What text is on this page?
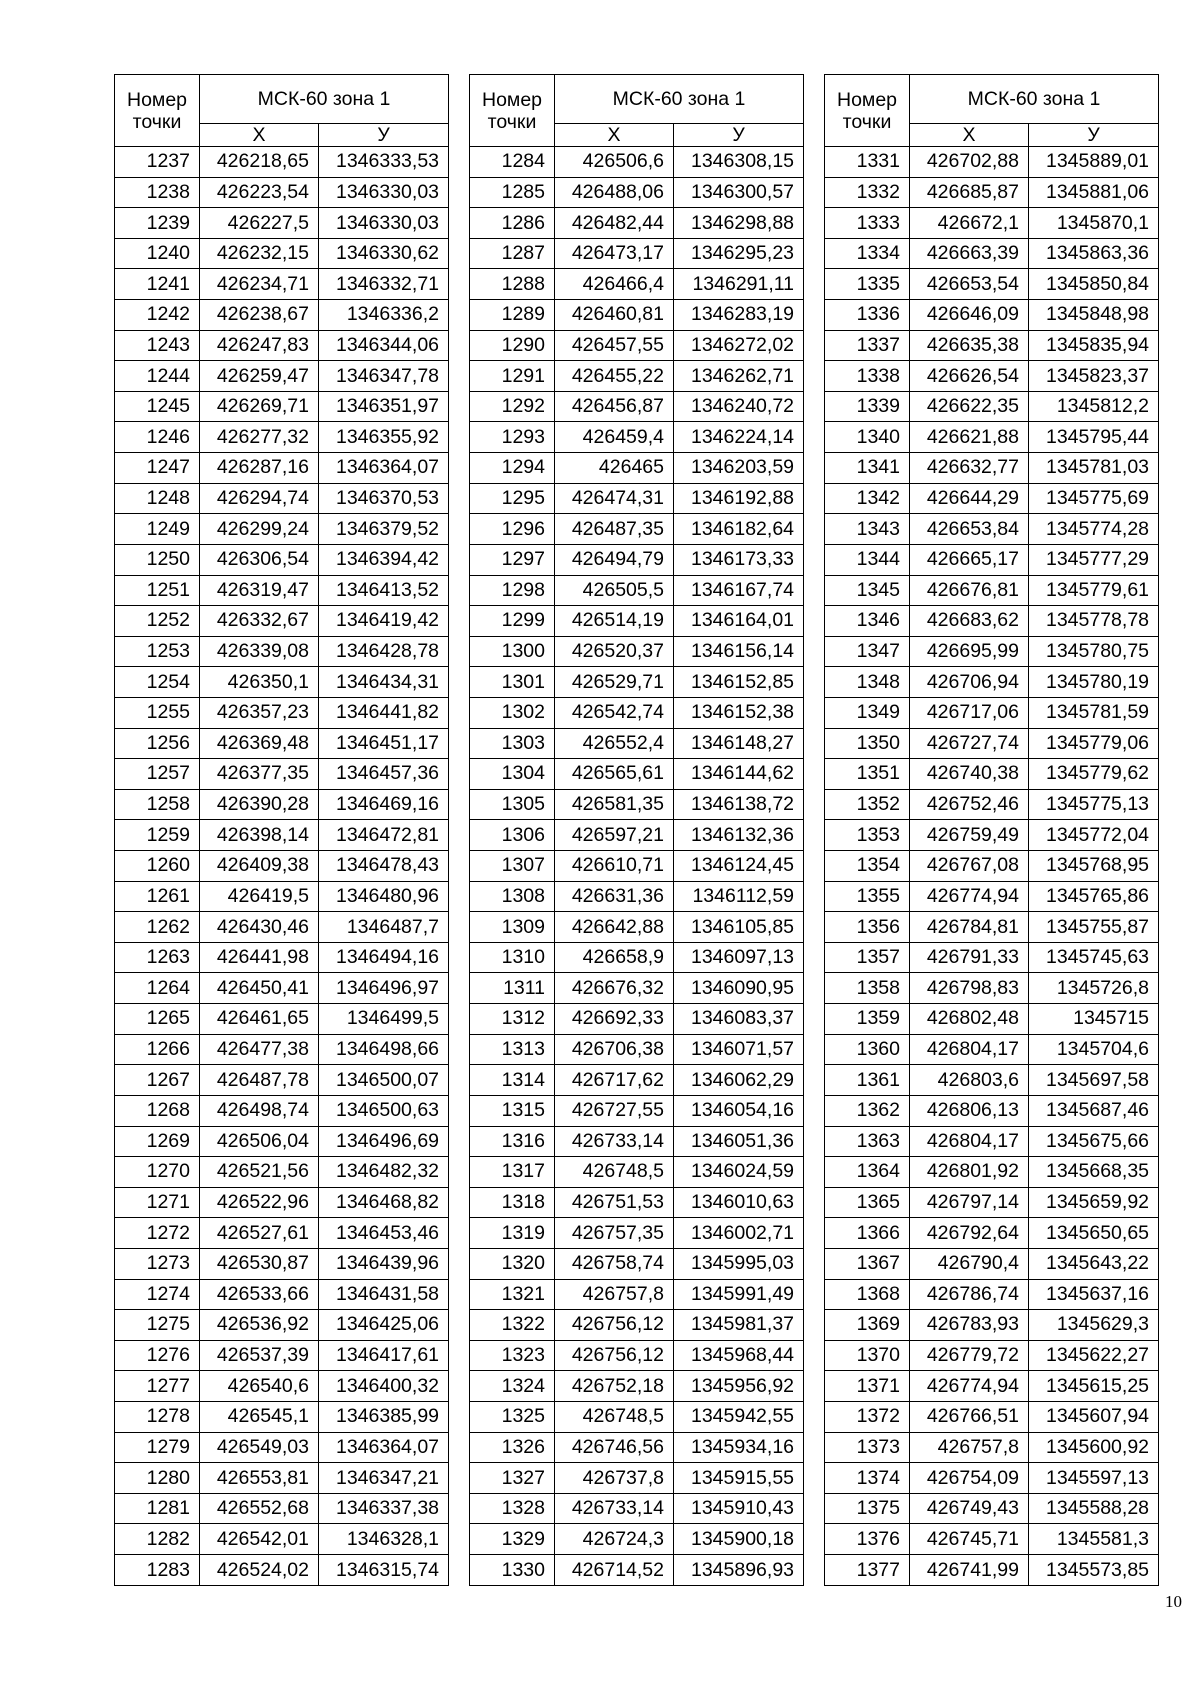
Номер точки	МСК-60 зона 1	
	Х	У
1237	426218,65	1346333,53
1238	426223,54	1346330,03
1239	426227,5	1346330,03
1240	426232,15	1346330,62
1241	426234,71	1346332,71
1242	426238,67	1346336,2
1243	426247,83	1346344,06
1244	426259,47	1346347,78
1245	426269,71	1346351,97
1246	426277,32	1346355,92
1247	426287,16	1346364,07
1248	426294,74	1346370,53
1249	426299,24	1346379,52
1250	426306,54	1346394,42
1251	426319,47	1346413,52
1252	426332,67	1346419,42
1253	426339,08	1346428,78
1254	426350,1	1346434,31
1255	426357,23	1346441,82
1256	426369,48	1346451,17
1257	426377,35	1346457,36
1258	426390,28	1346469,16
1259	426398,14	1346472,81
1260	426409,38	1346478,43
1261	426419,5	1346480,96
1262	426430,46	1346487,7
1263	426441,98	1346494,16
1264	426450,41	1346496,97
1265	426461,65	1346499,5
1266	426477,38	1346498,66
1267	426487,78	1346500,07
1268	426498,74	1346500,63
1269	426506,04	1346496,69
1270	426521,56	1346482,32
1271	426522,96	1346468,82
1272	426527,61	1346453,46
1273	426530,87	1346439,96
1274	426533,66	1346431,58
1275	426536,92	1346425,06
1276	426537,39	1346417,61
1277	426540,6	1346400,32
1278	426545,1	1346385,99
1279	426549,03	1346364,07
1280	426553,81	1346347,21
1281	426552,68	1346337,38
1282	426542,01	1346328,1
1283	426524,02	1346315,74
Номер точки	МСК-60 зона 1	
	Х	У
1284	426506,6	1346308,15
1285	426488,06	1346300,57
1286	426482,44	1346298,88
1287	426473,17	1346295,23
1288	426466,4	1346291,11
1289	426460,81	1346283,19
1290	426457,55	1346272,02
1291	426455,22	1346262,71
1292	426456,87	1346240,72
1293	426459,4	1346224,14
1294	426465	1346203,59
1295	426474,31	1346192,88
1296	426487,35	1346182,64
1297	426494,79	1346173,33
1298	426505,5	1346167,74
1299	426514,19	1346164,01
1300	426520,37	1346156,14
1301	426529,71	1346152,85
1302	426542,74	1346152,38
1303	426552,4	1346148,27
1304	426565,61	1346144,62
1305	426581,35	1346138,72
1306	426597,21	1346132,36
1307	426610,71	1346124,45
1308	426631,36	1346112,59
1309	426642,88	1346105,85
1310	426658,9	1346097,13
1311	426676,32	1346090,95
1312	426692,33	1346083,37
1313	426706,38	1346071,57
1314	426717,62	1346062,29
1315	426727,55	1346054,16
1316	426733,14	1346051,36
1317	426748,5	1346024,59
1318	426751,53	1346010,63
1319	426757,35	1346002,71
1320	426758,74	1345995,03
1321	426757,8	1345991,49
1322	426756,12	1345981,37
1323	426756,12	1345968,44
1324	426752,18	1345956,92
1325	426748,5	1345942,55
1326	426746,56	1345934,16
1327	426737,8	1345915,55
1328	426733,14	1345910,43
1329	426724,3	1345900,18
1330	426714,52	1345896,93
Номер точки	МСК-60 зона 1	
	Х	У
1331	426702,88	1345889,01
1332	426685,87	1345881,06
1333	426672,1	1345870,1
1334	426663,39	1345863,36
1335	426653,54	1345850,84
1336	426646,09	1345848,98
1337	426635,38	1345835,94
1338	426626,54	1345823,37
1339	426622,35	1345812,2
1340	426621,88	1345795,44
1341	426632,77	1345781,03
1342	426644,29	1345775,69
1343	426653,84	1345774,28
1344	426665,17	1345777,29
1345	426676,81	1345779,61
1346	426683,62	1345778,78
1347	426695,99	1345780,75
1348	426706,94	1345780,19
1349	426717,06	1345781,59
1350	426727,74	1345779,06
1351	426740,38	1345779,62
1352	426752,46	1345775,13
1353	426759,49	1345772,04
1354	426767,08	1345768,95
1355	426774,94	1345765,86
1356	426784,81	1345755,87
1357	426791,33	1345745,63
1358	426798,83	1345726,8
1359	426802,48	1345715
1360	426804,17	1345704,6
1361	426803,6	1345697,58
1362	426806,13	1345687,46
1363	426804,17	1345675,66
1364	426801,92	1345668,35
1365	426797,14	1345659,92
1366	426792,64	1345650,65
1367	426790,4	1345643,22
1368	426786,74	1345637,16
1369	426783,93	1345629,3
1370	426779,72	1345622,27
1371	426774,94	1345615,25
1372	426766,51	1345607,94
1373	426757,8	1345600,92
1374	426754,09	1345597,13
1375	426749,43	1345588,28
1376	426745,71	1345581,3
1377	426741,99	1345573,85
10
